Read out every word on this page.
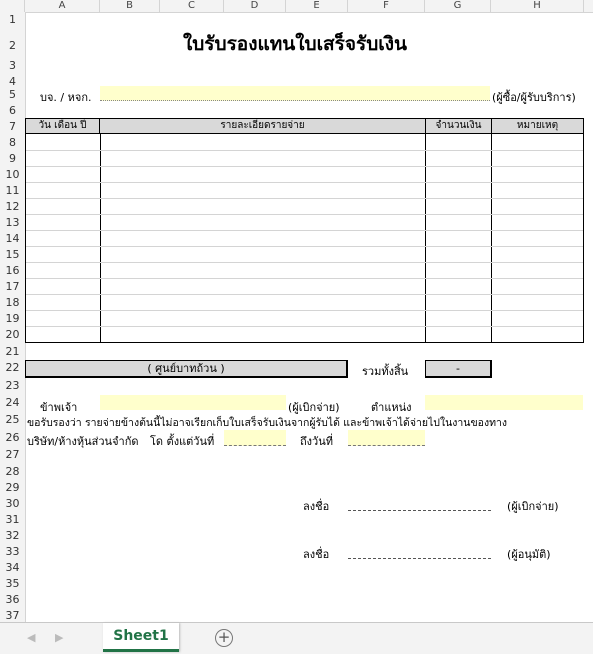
A	B	C	D	E	F	G	H
1
2
3
4
5
6
7
8
9
10
11
12
13
14
15
16
17
18
19
20
21
22
23
24
25
26
27
28
29
30
31
32
33
34
35
36
37
ใบรับรองแทนใบเสร็จรับเงิน
บจ. / หจก.	(ผู้ซื้อ/ผู้รับบริการ)
วัน เดือน ปี	รายละเอียดรายจ่าย	จำนวนเงิน	หมายเหตุ
( ศูนย์บาทถ้วน )	รวมทั้งสิ้น	-
ข้าพเจ้า	(ผู้เบิกจ่าย)	ตำแหน่ง
ขอรับรองว่า รายจ่ายข้างต้นนี้ไม่อาจเรียกเก็บใบเสร็จรับเงินจากผู้รับได้ และข้าพเจ้าได้จ่ายไปในงานของทาง
บริษัท/ห้างหุ้นส่วนจำกัด โด ตั้งแต่วันที่	ถึงวันที่
ลงชื่อ	(ผู้เบิกจ่าย)
ลงชื่อ	(ผู้อนุมัติ)
◀ ▶	Sheet1	+
